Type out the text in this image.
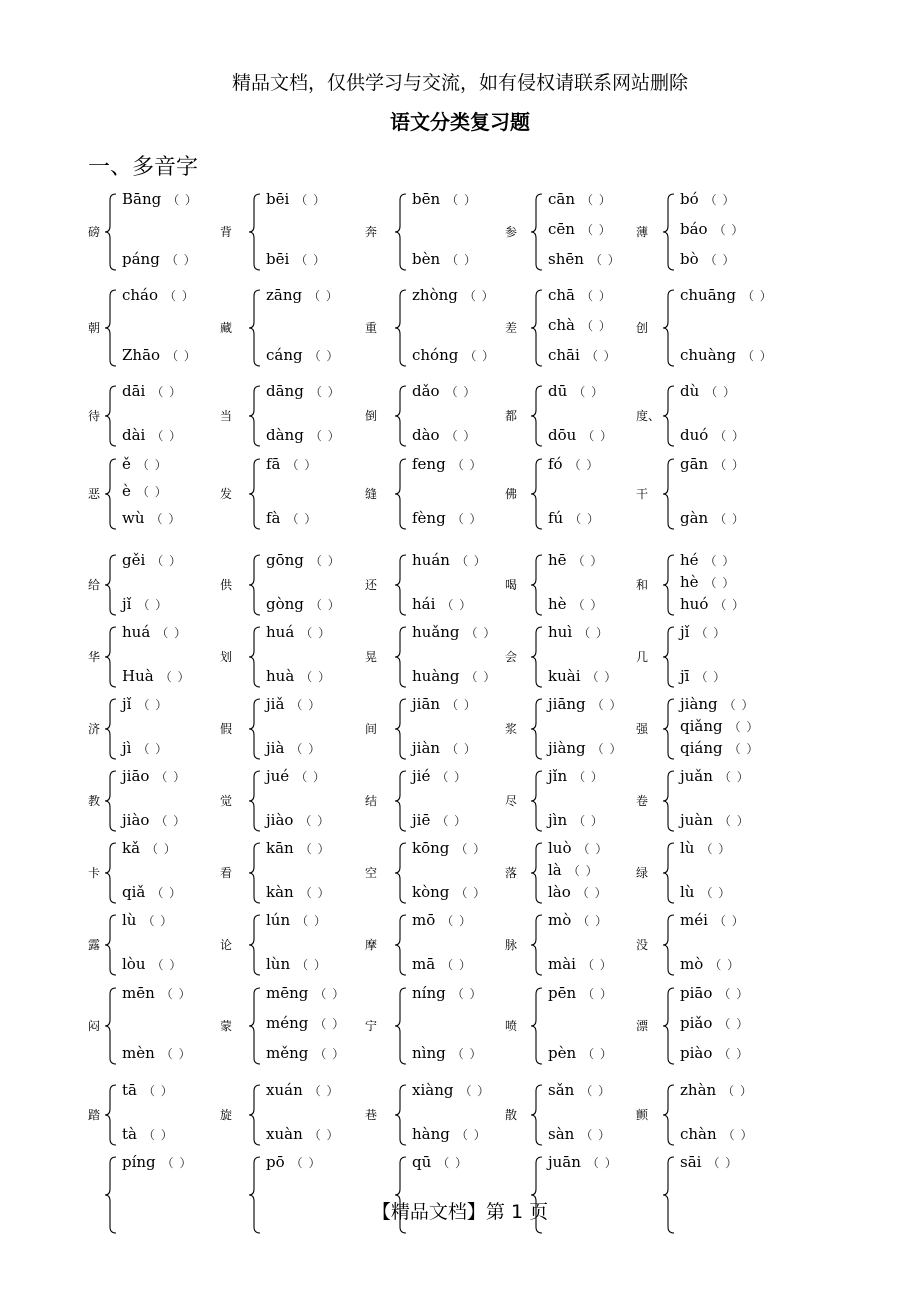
精品文档，仅供学习与交流，如有侵权请联系网站删除
语文分类复习题
一、多音字
磅
Bāng （ ）
páng （ ）
背
bēi （ ）
bēi （ ）
奔
bēn （ ）
bèn （ ）
参
cān （ ）
cēn （ ）
shēn （ ）
薄
bó （ ）
báo （ ）
bò （ ）
朝
cháo （ ）
Zhāo （ ）
藏
zāng （ ）
cáng （ ）
重
zhòng （ ）
chóng （ ）
差
chā （ ）
chà （ ）
chāi （ ）
创
chuāng （ ）
chuàng （ ）
待
dāi （ ）
dài （ ）
当
dāng （ ）
dàng （ ）
倒
dǎo （ ）
dào （ ）
都
dū （ ）
dōu （ ）
度、
dù （ ）
duó （ ）
恶
ě （ ）
è （ ）
wù （ ）
发
fā （ ）
fà （ ）
缝
feng （ ）
fèng （ ）
佛
fó （ ）
fú （ ）
干
gān （ ）
gàn （ ）
给
gěi （ ）
jǐ （ ）
供
gōng （ ）
gòng （ ）
还
huán （ ）
hái （ ）
喝
hē （ ）
hè （ ）
和
hé （ ）
hè （ ）
huó （ ）
华
huá （ ）
Huà （ ）
划
huá （ ）
huà （ ）
晃
huǎng （ ）
huàng （ ）
会
huì （ ）
kuài （ ）
几
jǐ （ ）
jī （ ）
济
jǐ （ ）
jì （ ）
假
jiǎ （ ）
jià （ ）
间
jiān （ ）
jiàn （ ）
浆
jiāng （ ）
jiàng （ ）
强
jiàng （ ）
qiǎng （ ）
qiáng （ ）
教
jiāo （ ）
jiào （ ）
觉
jué （ ）
jiào （ ）
结
jié （ ）
jiē （ ）
尽
jǐn （ ）
jìn （ ）
卷
juǎn （ ）
juàn （ ）
卡
kǎ （ ）
qiǎ （ ）
看
kān （ ）
kàn （ ）
空
kōng （ ）
kòng （ ）
落
luò （ ）
là （ ）
lào （ ）
绿
lù （ ）
lù （ ）
露
lù （ ）
lòu （ ）
论
lún （ ）
lùn （ ）
摩
mō （ ）
mā （ ）
脉
mò （ ）
mài （ ）
没
méi （ ）
mò （ ）
闷
mēn （ ）
mèn （ ）
蒙
mēng （ ）
méng （ ）
měng （ ）
宁
níng （ ）
nìng （ ）
喷
pēn （ ）
pèn （ ）
漂
piāo （ ）
piǎo （ ）
piào （ ）
踏
tā （ ）
tà （ ）
旋
xuán （ ）
xuàn （ ）
巷
xiàng （ ）
hàng （ ）
散
sǎn （ ）
sàn （ ）
颤
zhàn （ ）
chàn （ ）
píng （ ）	pō （ ）	qū （ ）	juān （ ）	sāi （ ）
【精品文档】第 1 页
